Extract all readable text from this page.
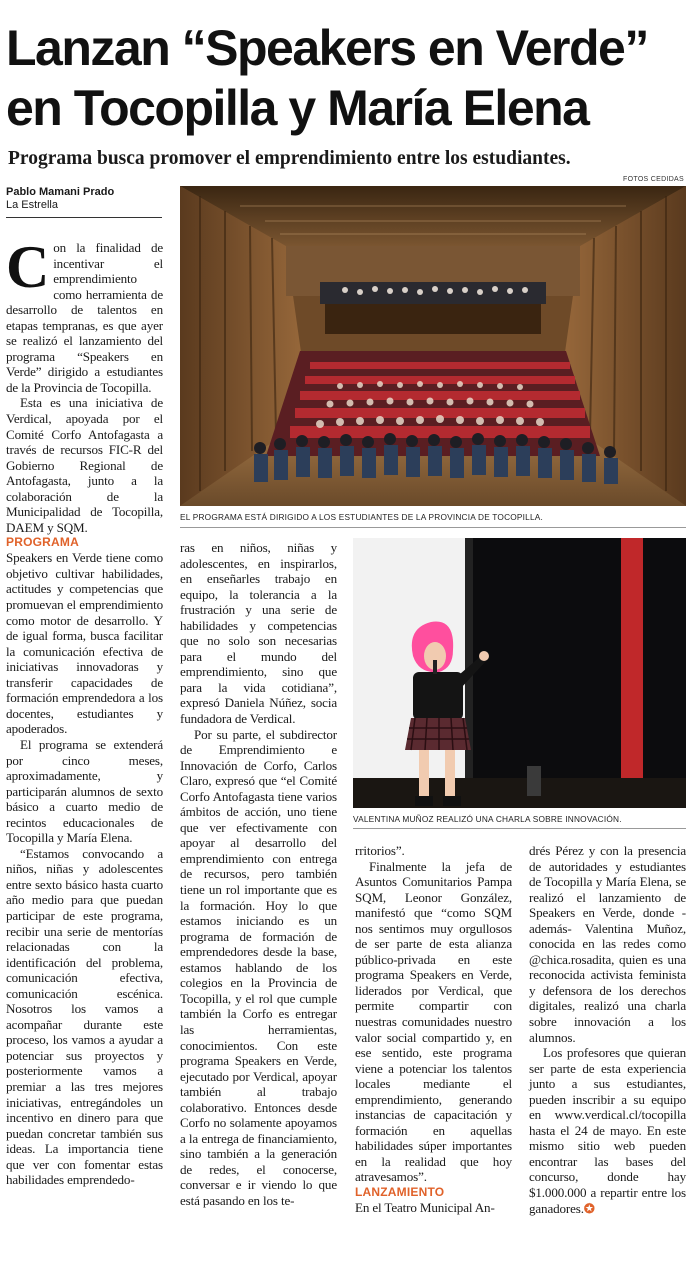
Lanzan “Speakers en Verde”
en Tocopilla y María Elena
Programa busca promover el emprendimiento entre los estudiantes.
FOTOS CEDIDAS
Pablo Mamani Prado
La Estrella
EL PROGRAMA ESTÁ DIRIGIDO A LOS ESTUDIANTES DE LA PROVINCIA DE TOCOPILLA.
VALENTINA MUÑOZ REALIZÓ UNA CHARLA SOBRE INNOVACIÓN.

Con la finalidad de incentivar el emprendimiento como herramienta de desarrollo de talentos en etapas tempranas, es que ayer se realizó el lanzamiento del programa “Speakers en Verde” dirigido a estudiantes de la Provincia de Tocopilla.

Esta es una iniciativa de Verdical, apoyada por el Comité Corfo Antofagasta a través de recursos FIC-R del Gobierno Regional de Antofagasta, junto a la colaboración de la Municipalidad de Tocopilla, DAEM y SQM.

PROGRAMA

Speakers en Verde tiene como objetivo cultivar habilidades, actitudes y competencias que promuevan el emprendimiento como motor de desarrollo. Y de igual forma, busca facilitar la comunicación efectiva de iniciativas innovadoras y transferir capacidades de formación emprendedora a los docentes, estudiantes y apoderados.

El programa se extenderá por cinco meses, aproximadamente, y participarán alumnos de sexto básico a cuarto medio de recintos educacionales de Tocopilla y María Elena.

“Estamos convocando a niños, niñas y adolescentes entre sexto básico hasta cuarto año medio para que puedan participar de este programa, recibir una serie de mentorías relacionadas con la identificación del problema, comunicación efectiva, comunicación escénica. Nosotros los vamos a acompañar durante este proceso, los vamos a ayudar a potenciar sus proyectos y posteriormente vamos a premiar a las tres mejores iniciativas, entregándoles un incentivo en dinero para que puedan concretar también sus ideas. La importancia tiene que ver con fomentar estas habilidades emprendedo-

ras en niños, niñas y adolescentes, en inspirarlos, en enseñarles trabajo en equipo, la tolerancia a la frustración y una serie de habilidades y competencias que no solo son necesarias para el mundo del emprendimiento, sino que para la vida cotidiana”, expresó Daniela Núñez, socia fundadora de Verdical.

Por su parte, el subdirector de Emprendimiento e Innovación de Corfo, Carlos Claro, expresó que “el Comité Corfo Antofagasta tiene varios ámbitos de acción, uno tiene que ver efectivamente con apoyar al desarrollo del emprendimiento con entrega de recursos, pero también tiene un rol importante que es la formación. Hoy lo que estamos iniciando es un programa de formación de emprendedores desde la base, estamos hablando de los colegios en la Provincia de Tocopilla, y el rol que cumple también la Corfo es entregar las herramientas, conocimientos. Con este programa Speakers en Verde, ejecutado por Verdical, apoyar también al trabajo colaborativo. Entonces desde Corfo no solamente apoyamos a la entrega de financiamiento, sino también a la generación de redes, el conocerse, conversar e ir viendo lo que está pasando en los te-

rritorios”.

Finalmente la jefa de Asuntos Comunitarios Pampa SQM, Leonor González, manifestó que “como SQM nos sentimos muy orgullosos de ser parte de esta alianza público-privada en este programa Speakers en Verde, liderados por Verdical, que permite compartir con nuestras comunidades nuestro valor social compartido y, en ese sentido, este programa viene a potenciar los talentos locales mediante el emprendimiento, generando instancias de capacitación y formación en aquellas habilidades súper importantes en la realidad que hoy atravesamos”.

LANZAMIENTO

En el Teatro Municipal An-

drés Pérez y con la presencia de autoridades y estudiantes de Tocopilla y María Elena, se realizó el lanzamiento de Speakers en Verde, donde -además- Valentina Muñoz, conocida en las redes como @chica.rosadita, quien es una reconocida activista feminista y defensora de los derechos digitales, realizó una charla sobre innovación a los alumnos.

Los profesores que quieran ser parte de esta experiencia junto a sus estudiantes, pueden inscribir a su equipo en www.verdical.cl/tocopilla hasta el 24 de mayo. En este mismo sitio web pueden encontrar las bases del concurso, donde hay $1.000.000 a repartir entre los ganadores.✪
